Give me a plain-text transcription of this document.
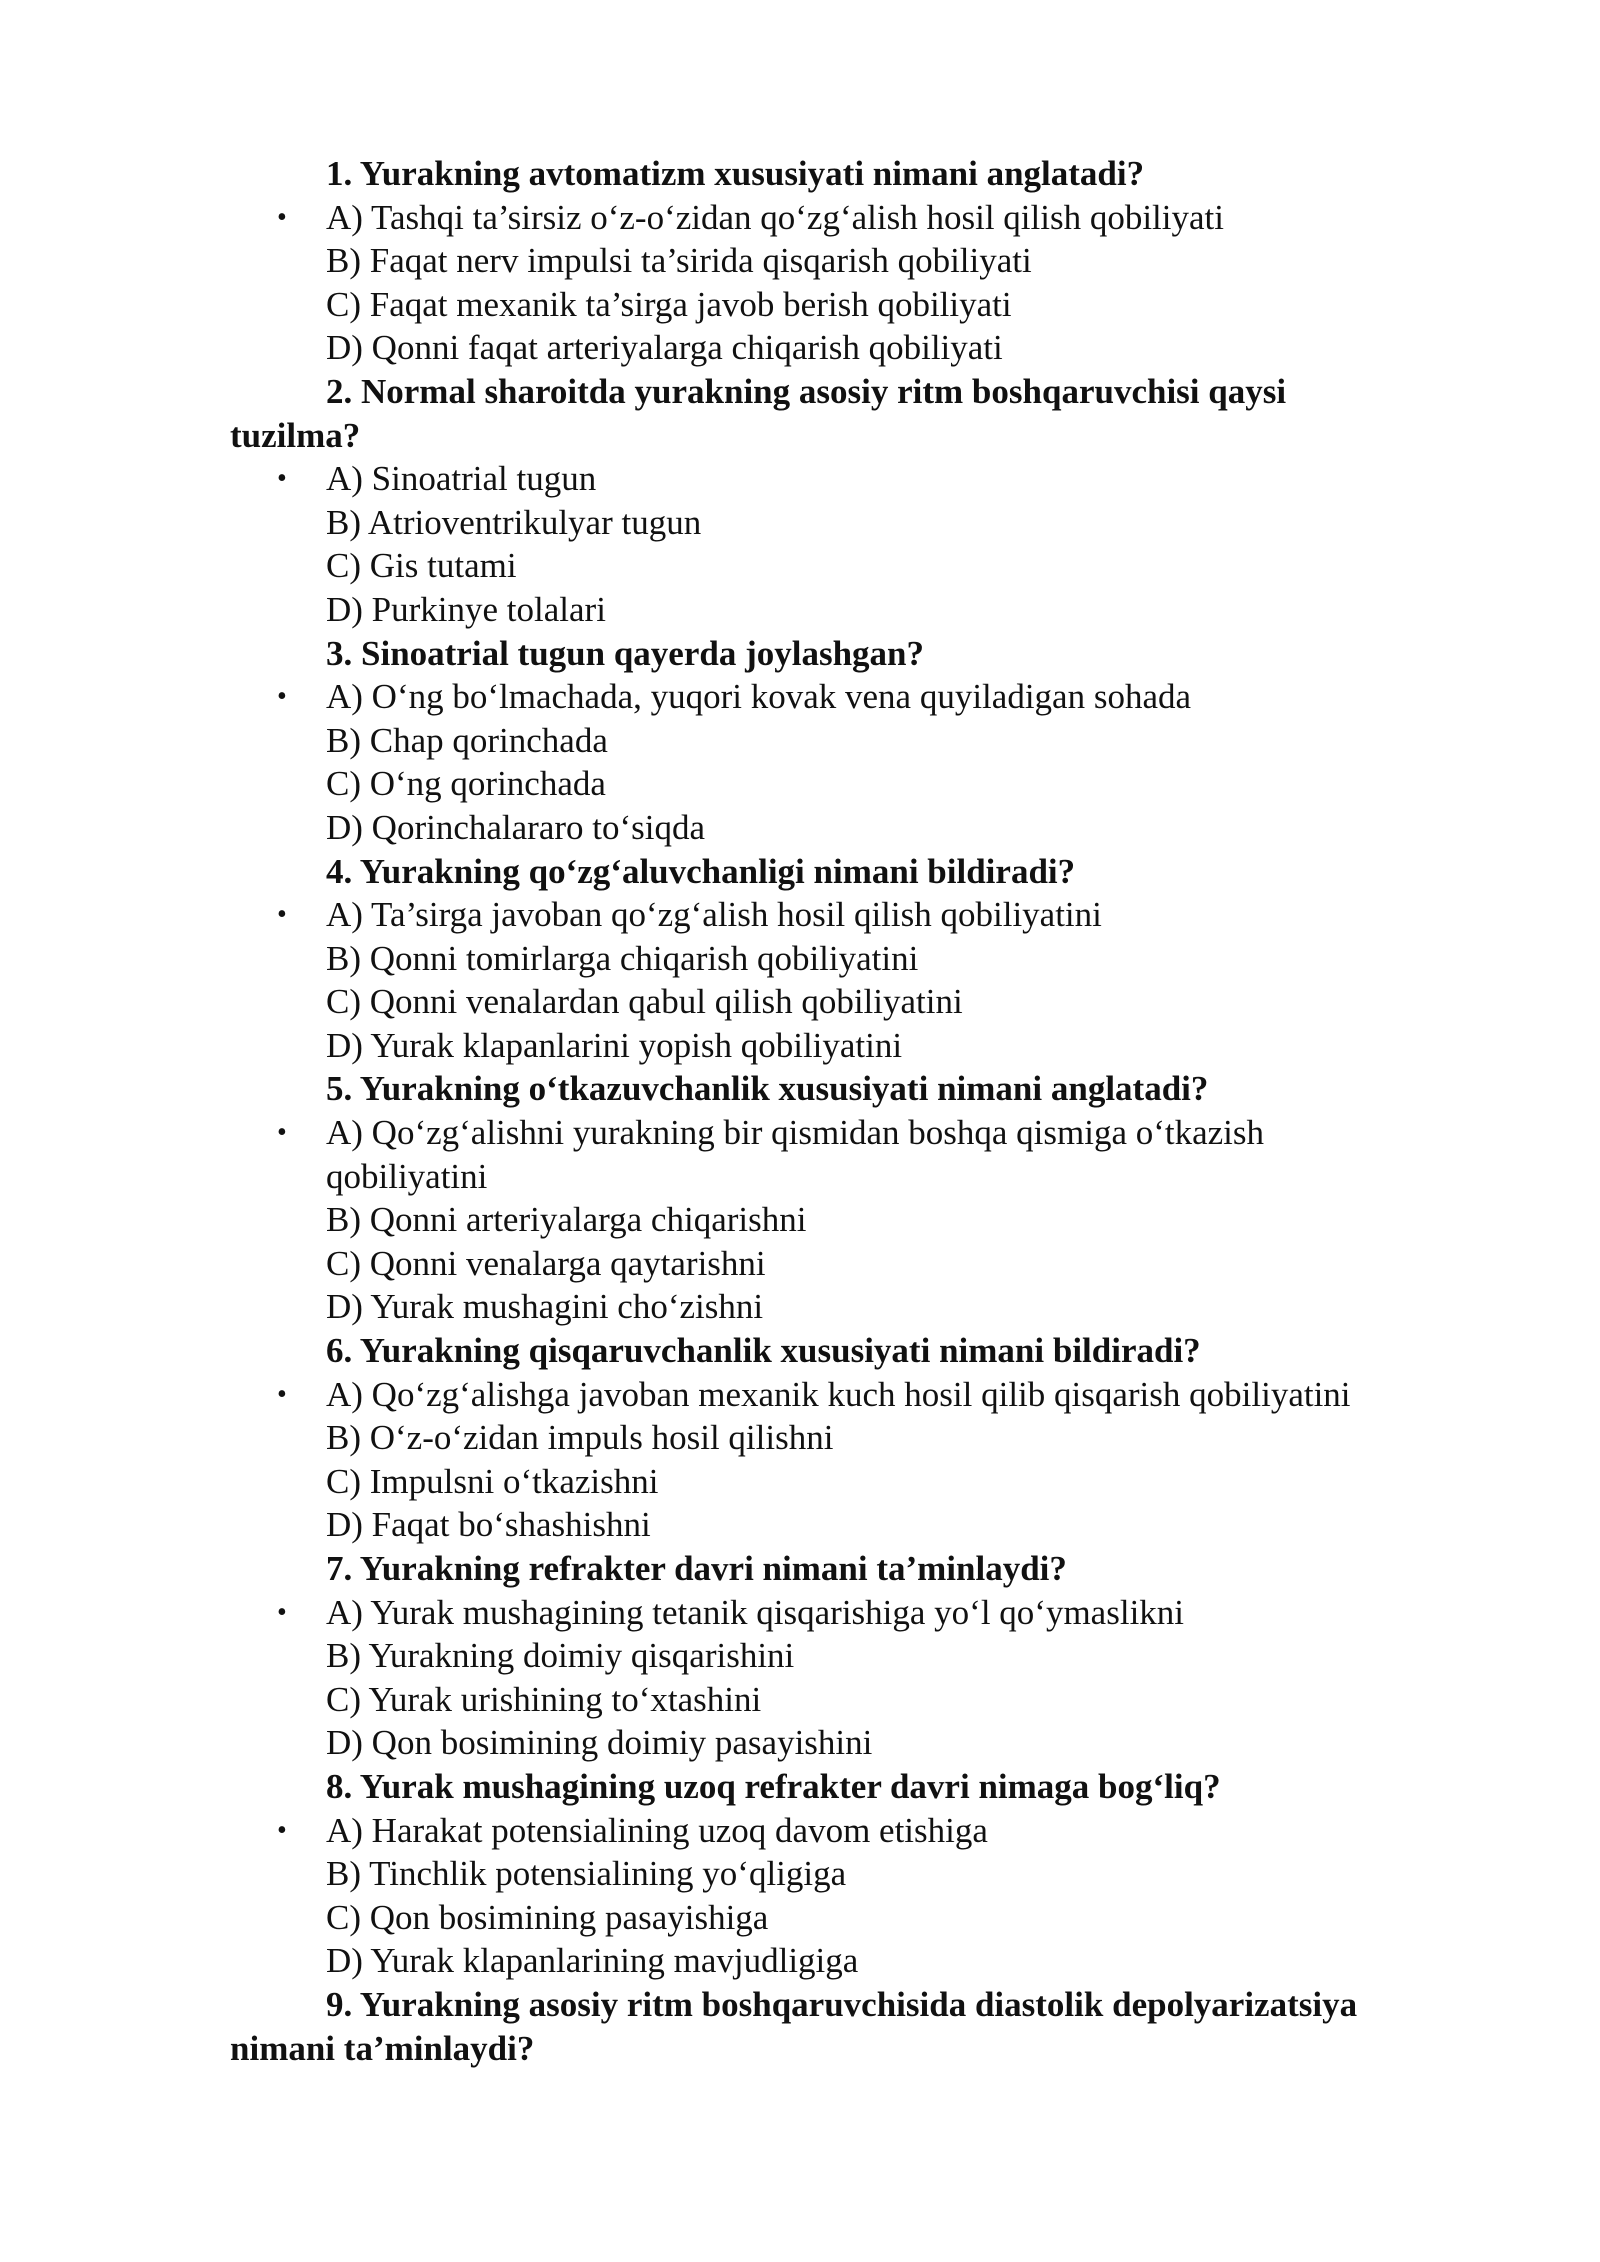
1. Yurakning avtomatizm xususiyati nimani anglatadi?
• A) Tashqi ta’sirsiz o‘z-o‘zidan qo‘zg‘alish hosil qilish qobiliyati
B) Faqat nerv impulsi ta’sirida qisqarish qobiliyati
C) Faqat mexanik ta’sirga javob berish qobiliyati
D) Qonni faqat arteriyalarga chiqarish qobiliyati
2. Normal sharoitda yurakning asosiy ritm boshqaruvchisi qaysi
tuzilma?
• A) Sinoatrial tugun
B) Atrioventrikulyar tugun
C) Gis tutami
D) Purkinye tolalari
3. Sinoatrial tugun qayerda joylashgan?
• A) O‘ng bo‘lmachada, yuqori kovak vena quyiladigan sohada
B) Chap qorinchada
C) O‘ng qorinchada
D) Qorinchalararo to‘siqda
4. Yurakning qo‘zg‘aluvchanligi nimani bildiradi?
• A) Ta’sirga javoban qo‘zg‘alish hosil qilish qobiliyatini
B) Qonni tomirlarga chiqarish qobiliyatini
C) Qonni venalardan qabul qilish qobiliyatini
D) Yurak klapanlarini yopish qobiliyatini
5. Yurakning o‘tkazuvchanlik xususiyati nimani anglatadi?
• A) Qo‘zg‘alishni yurakning bir qismidan boshqa qismiga o‘tkazish
qobiliyatini
B) Qonni arteriyalarga chiqarishni
C) Qonni venalarga qaytarishni
D) Yurak mushagini cho‘zishni
6. Yurakning qisqaruvchanlik xususiyati nimani bildiradi?
• A) Qo‘zg‘alishga javoban mexanik kuch hosil qilib qisqarish qobiliyatini
B) O‘z-o‘zidan impuls hosil qilishni
C) Impulsni o‘tkazishni
D) Faqat bo‘shashishni
7. Yurakning refrakter davri nimani ta’minlaydi?
• A) Yurak mushagining tetanik qisqarishiga yo‘l qo‘ymaslikni
B) Yurakning doimiy qisqarishini
C) Yurak urishining to‘xtashini
D) Qon bosimining doimiy pasayishini
8. Yurak mushagining uzoq refrakter davri nimaga bog‘liq?
• A) Harakat potensialining uzoq davom etishiga
B) Tinchlik potensialining yo‘qligiga
C) Qon bosimining pasayishiga
D) Yurak klapanlarining mavjudligiga
9. Yurakning asosiy ritm boshqaruvchisida diastolik depolyarizatsiya
nimani ta’minlaydi?
